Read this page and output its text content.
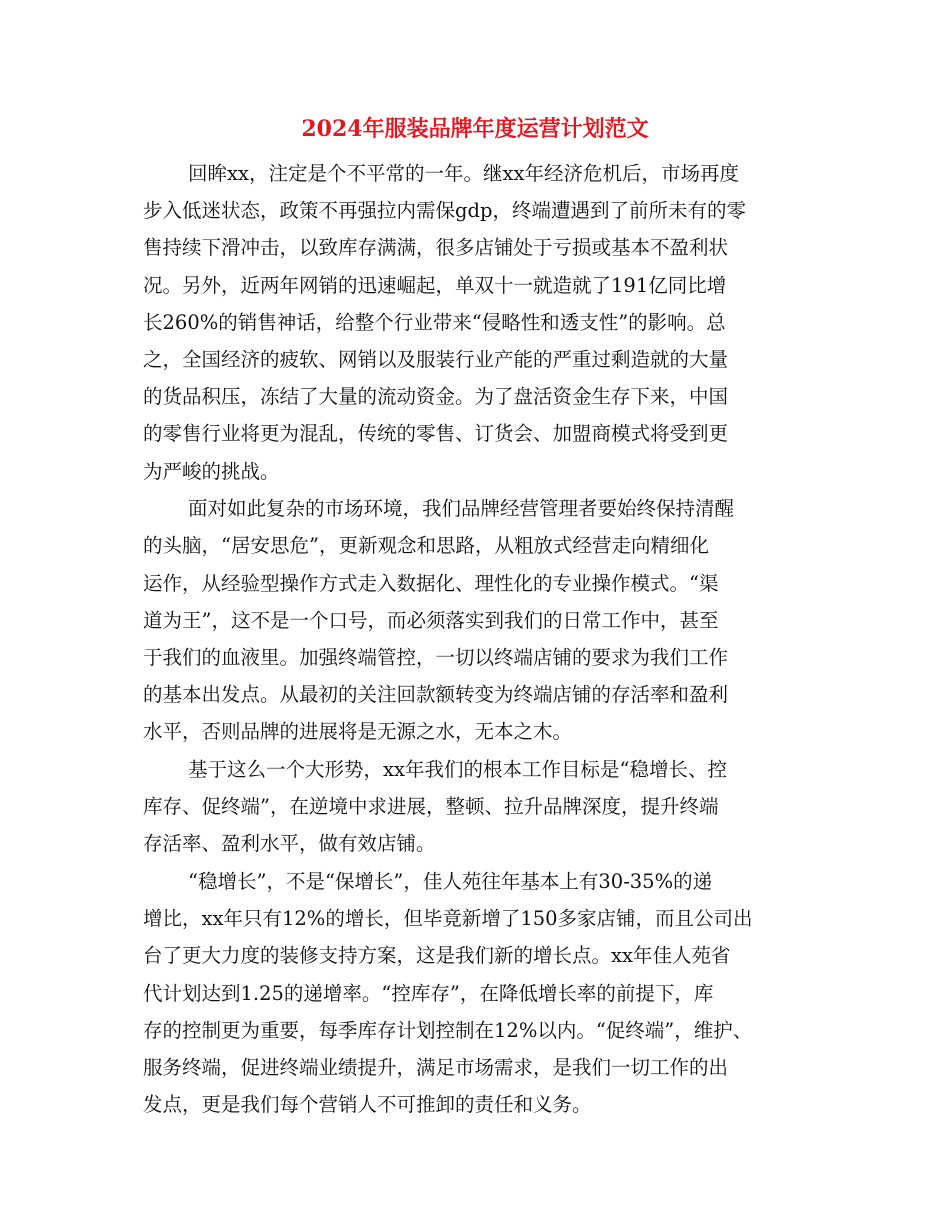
2024年服装品牌年度运营计划范文
回眸xx，注定是个不平常的一年。继xx年经济危机后，市场再度
步入低迷状态，政策不再强拉内需保gdp，终端遭遇到了前所未有的零
售持续下滑冲击，以致库存满满，很多店铺处于亏损或基本不盈利状
况。另外，近两年网销的迅速崛起，单双十一就造就了191亿同比增
长260%的销售神话，给整个行业带来“侵略性和透支性”的影响。总
之，全国经济的疲软、网销以及服装行业产能的严重过剩造就的大量
的货品积压，冻结了大量的流动资金。为了盘活资金生存下来，中国
的零售行业将更为混乱，传统的零售、订货会、加盟商模式将受到更
为严峻的挑战。
面对如此复杂的市场环境，我们品牌经营管理者要始终保持清醒
的头脑，“居安思危”，更新观念和思路，从粗放式经营走向精细化
运作，从经验型操作方式走入数据化、理性化的专业操作模式。“渠
道为王”，这不是一个口号，而必须落实到我们的日常工作中，甚至
于我们的血液里。加强终端管控，一切以终端店铺的要求为我们工作
的基本出发点。从最初的关注回款额转变为终端店铺的存活率和盈利
水平，否则品牌的进展将是无源之水，无本之木。
基于这么一个大形势，xx年我们的根本工作目标是“稳增长、控
库存、促终端”，在逆境中求进展，整顿、拉升品牌深度，提升终端
存活率、盈利水平，做有效店铺。
“稳增长”，不是“保增长”，佳人苑往年基本上有30-35%的递
增比，xx年只有12%的增长，但毕竟新增了150多家店铺，而且公司出
台了更大力度的装修支持方案，这是我们新的增长点。xx年佳人苑省
代计划达到1.25的递增率。“控库存”，在降低增长率的前提下，库
存的控制更为重要，每季库存计划控制在12%以内。“促终端”，维护、
服务终端，促进终端业绩提升，满足市场需求，是我们一切工作的出
发点，更是我们每个营销人不可推卸的责任和义务。
